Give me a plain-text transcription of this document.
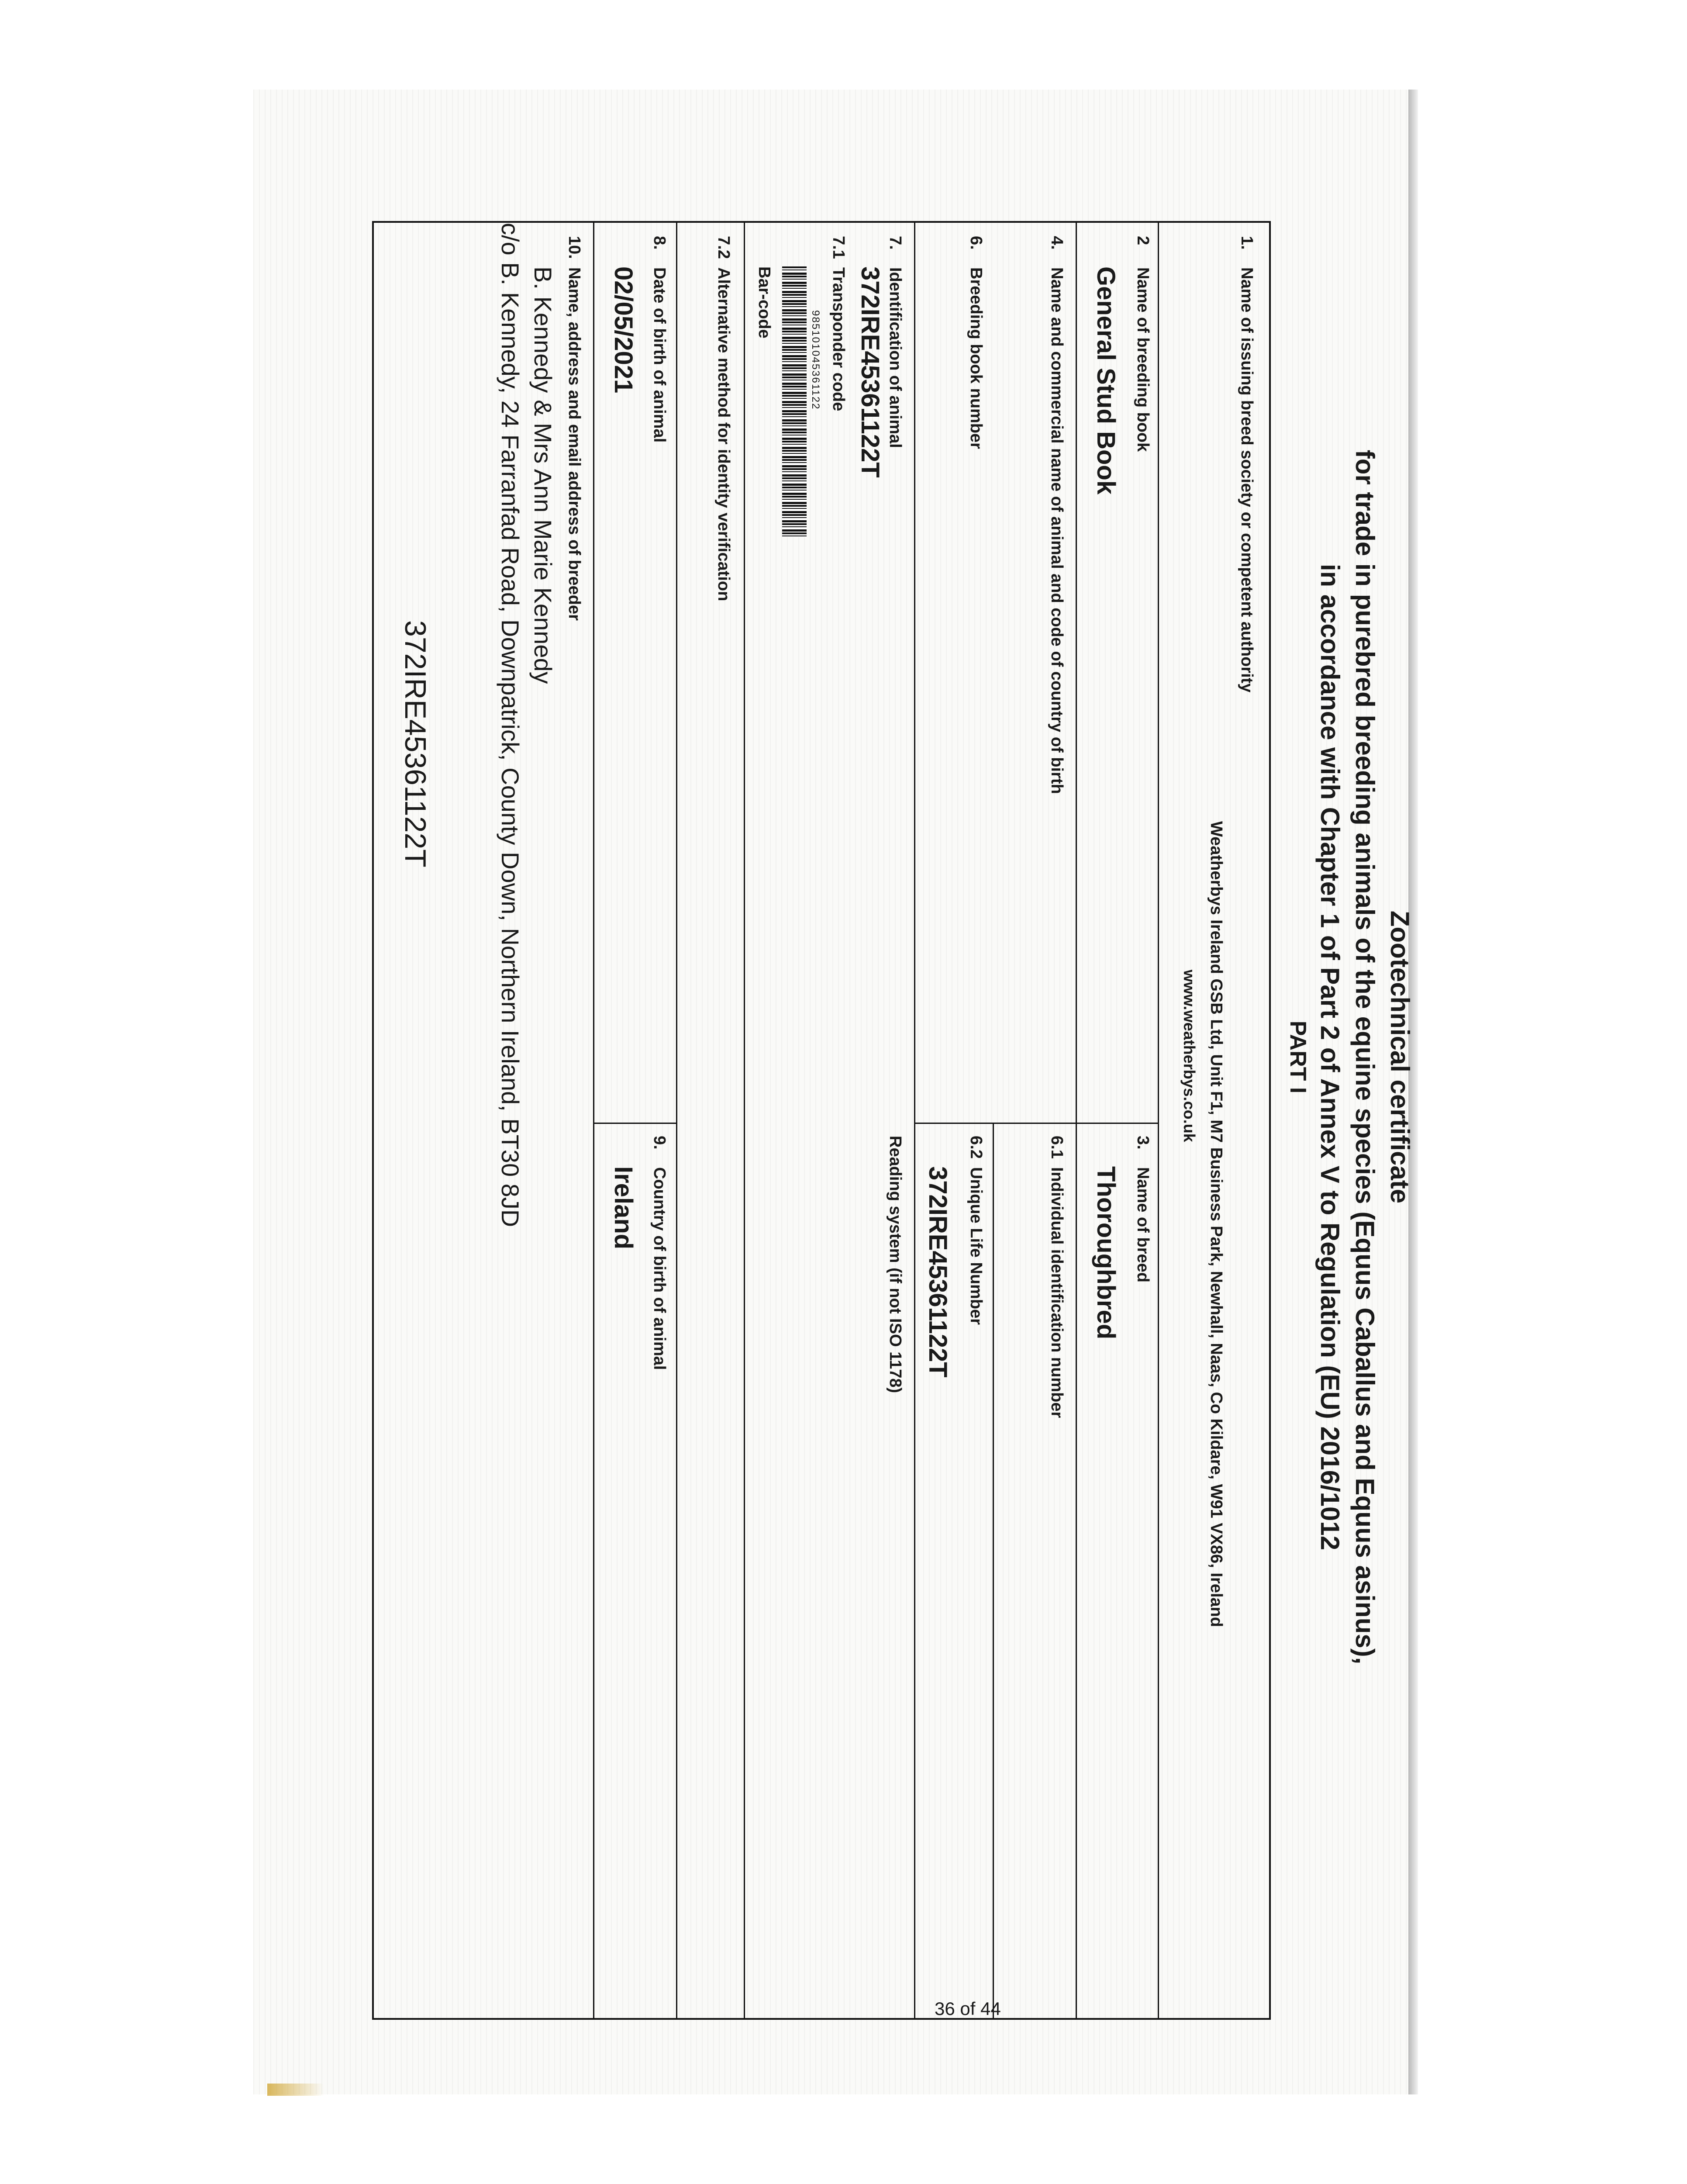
Zootechnical certificate
for trade in purebred breeding animals of the equine species (Equus Caballus and Equus asinus),
in accordance with Chapter 1 of Part 2 of Annex V to Regulation (EU) 2016/1012
PART I
1.
Name of issuing breed society or competent authority
Weatherbys Ireland GSB Ltd, Unit F1, M7 Business Park, Newhall, Naas, Co Kildare, W91 VX86, Ireland
www.weatherbys.co.uk
2
Name of breeding book
General Stud Book
3.
Name of breed
Thoroughbred
4.
Name and commercial name of animal and code of country of birth
6.
Breeding book number
6.1
Individual identification number
6.2
Unique Life Number
372IRE45361122T
7.
Identification of animal
372IRE45361122T
7.1
Transponder code
985101045361122
Bar-code
Reading system (if not ISO 1178)
7.2
Alternative method for identity verification
8.
Date of birth of animal
02/05/2021
9.
Country of birth of animal
Ireland
10.
Name, address and email address of breeder
B. Kennedy & Mrs Ann Marie Kennedy
c/o B. Kennedy, 24 Farranfad Road, Downpatrick, County Down, Northern Ireland, BT30 8JD
372IRE45361122T
36 of 44
